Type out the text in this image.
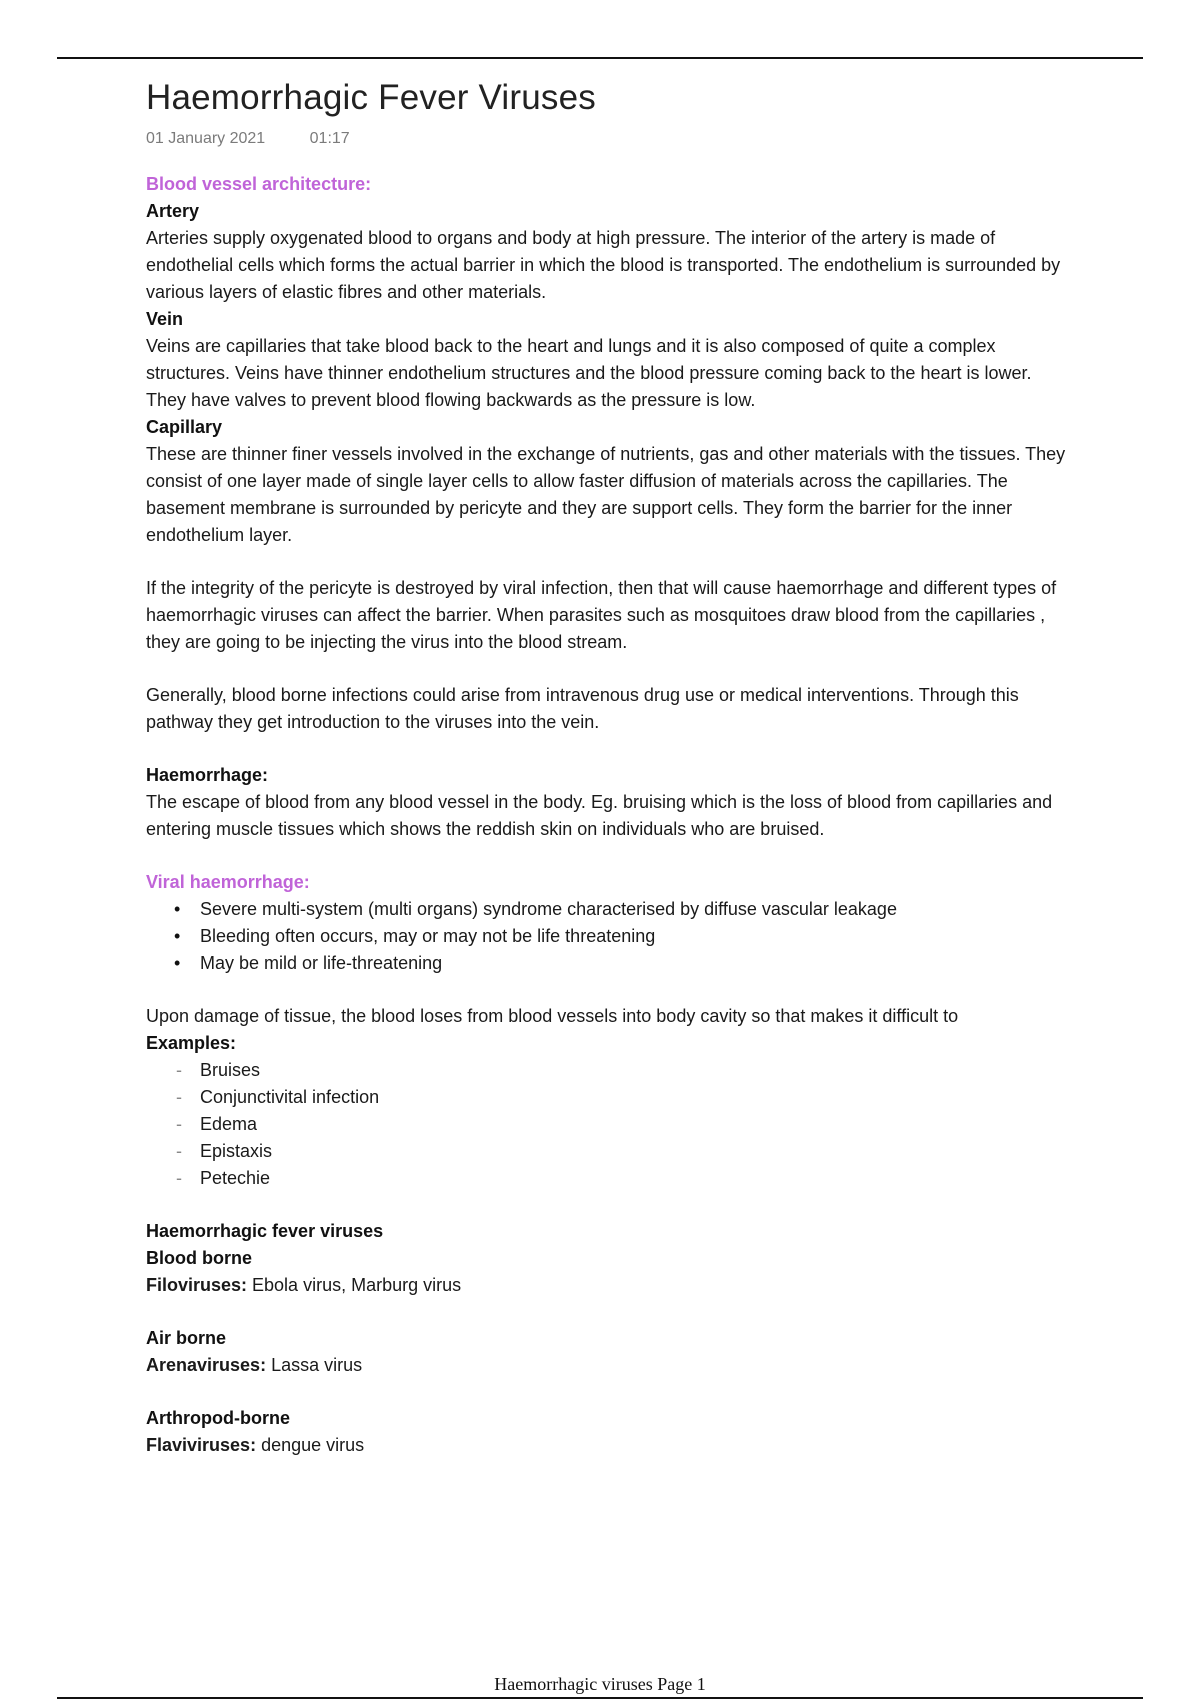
Haemorrhagic Fever Viruses
01 January 2021	01:17
Blood vessel architecture:
Artery

Arteries supply oxygenated blood to organs and body at high pressure. The interior of the artery is made of endothelial cells which forms the actual barrier in which the blood is transported. The endothelium is surrounded by various layers of elastic fibres and other materials.

Vein

Veins are capillaries that take blood back to the heart and lungs and it is also composed of quite a complex structures. Veins have thinner endothelium structures and the blood pressure coming back to the heart is lower. They have valves to prevent blood flowing backwards as the pressure is low.

Capillary

These are thinner finer vessels involved in the exchange of nutrients, gas and other materials with the tissues. They consist of one layer made of single layer cells to allow faster diffusion of materials across the capillaries. The basement membrane is surrounded by pericyte and they are support cells. They form the barrier for the inner endothelium layer.

If the integrity of the pericyte is destroyed by viral infection, then that will cause haemorrhage and different types of haemorrhagic viruses can affect the barrier. When parasites such as mosquitoes draw blood from the capillaries , they are going to be injecting the virus into the blood stream.

Generally, blood borne infections could arise from intravenous drug use or medical interventions. Through this pathway they get introduction to the viruses into the vein.

Haemorrhage:

The escape of blood from any blood vessel in the body. Eg. bruising which is the loss of blood from capillaries and entering muscle tissues which shows the reddish skin on individuals who are bruised.

Viral haemorrhage:
• Severe multi-system (multi organs) syndrome characterised by diffuse vascular leakage
• Bleeding often occurs, may or may not be life threatening
• May be mild or life-threatening

Upon damage of tissue, the blood loses from blood vessels into body cavity so that makes it difficult to

Examples:
- Bruises
- Conjunctivital infection
- Edema
- Epistaxis
- Petechie
Haemorrhagic fever viruses
Blood borne

Filoviruses: Ebola virus, Marburg virus

Air borne

Arenaviruses: Lassa virus

Arthropod-borne

Flaviviruses: dengue virus

Haemorrhagic viruses Page 1
